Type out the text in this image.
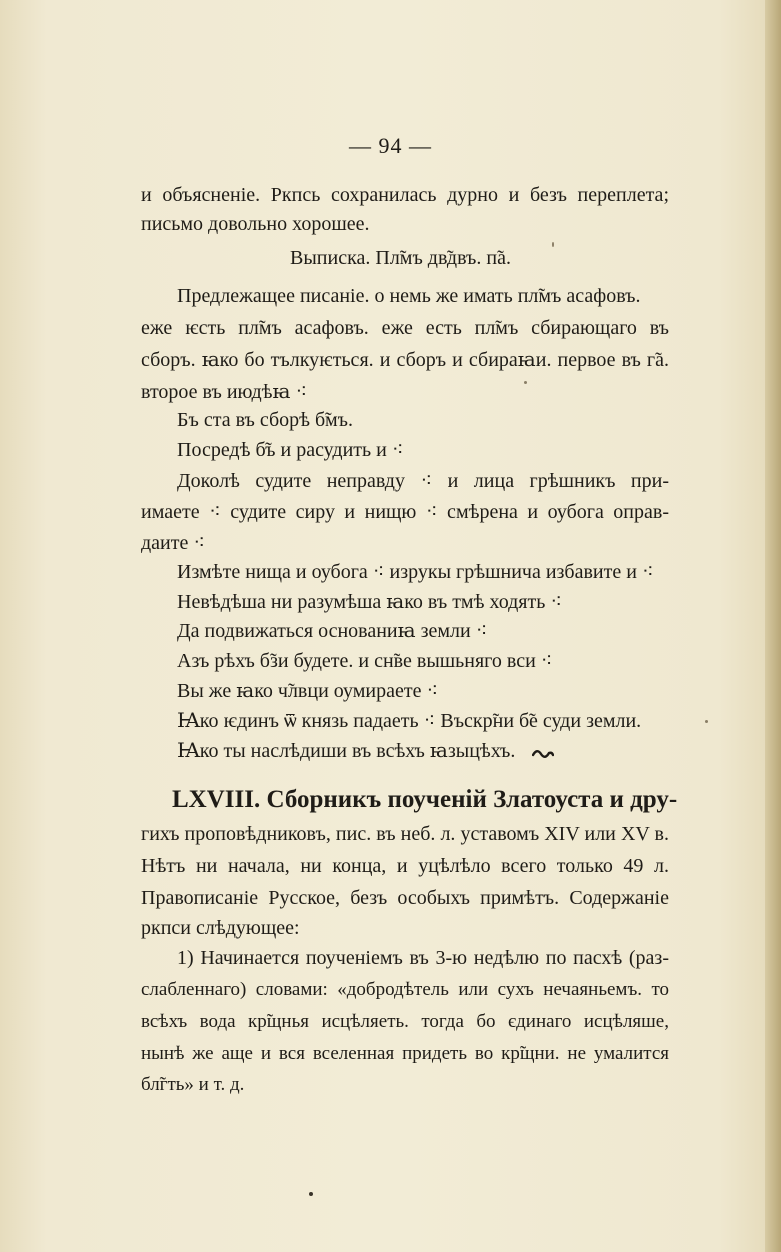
— 94 —
и объясненіе. Ркпсь сохранилась дурно и безъ переплета;
письмо довольно хорошее.
Выписка. Пл̃мъ дв̃двъ. п̃а.
Предлежащее писаніе. о немь же имать пл̃мъ асафовъ.
еже ѥсть пл̃мъ асафовъ. еже есть пл̃мъ сбирающаго въ
сборъ. ꙗко бо тълкуѥться. и сборъ и сбираꙗи. первое въ г̃а.
второе въ июдѣꙗ ⁖
Бъ ста въ сборѣ б̃мъ.
Посредѣ б̃ъ и расудить и ⁖
Доколѣ судите неправду ⁖ и лица грѣшникъ при-
имаете ⁖ судите сиру и нищю ⁖ смѣрена и оубога оправ-
даите ⁖
Измѣте нища и оубога ⁖ изрукы грѣшнича избавите и ⁖
Невѣдѣша ни разумѣша ꙗко въ тмѣ ходять ⁖
Да подвижаться основаниꙗ земли ⁖
Азъ рѣхъ б̃зи будете. и сн̃ве вышьняго вси ⁖
Вы же ꙗко ч̃лвци оумираете ⁖
Ꙗко ѥдинъ ѿ князь падаеть ⁖ Въскр̃ни б̃е суди земли.
Ꙗко ты наслѣдиши въ всѣхъ ꙗзыцѣхъ.
LXVIII. Сборникъ поученій Златоуста и дру-
гихъ проповѣдниковъ, пис. въ неб. л. уставомъ XIV или XV в.
Нѣтъ ни начала, ни конца, и уцѣлѣло всего только 49 л.
Правописаніе Русское, безъ особыхъ примѣтъ. Содержаніе
ркпси слѣдующее:
1) Начинается поученіемъ въ 3-ю недѣлю по пасхѣ (раз-
слабленнаго) словами: «добродѣтель или сухъ нечаяньемъ. то
всѣхъ вода кр̃щнья исцѣляеть. тогда бо єдинаго исцѣляше,
нынѣ же аще и вся вселенная придеть во кр̃щни. не умалится
бл̃гть» и т. д.
